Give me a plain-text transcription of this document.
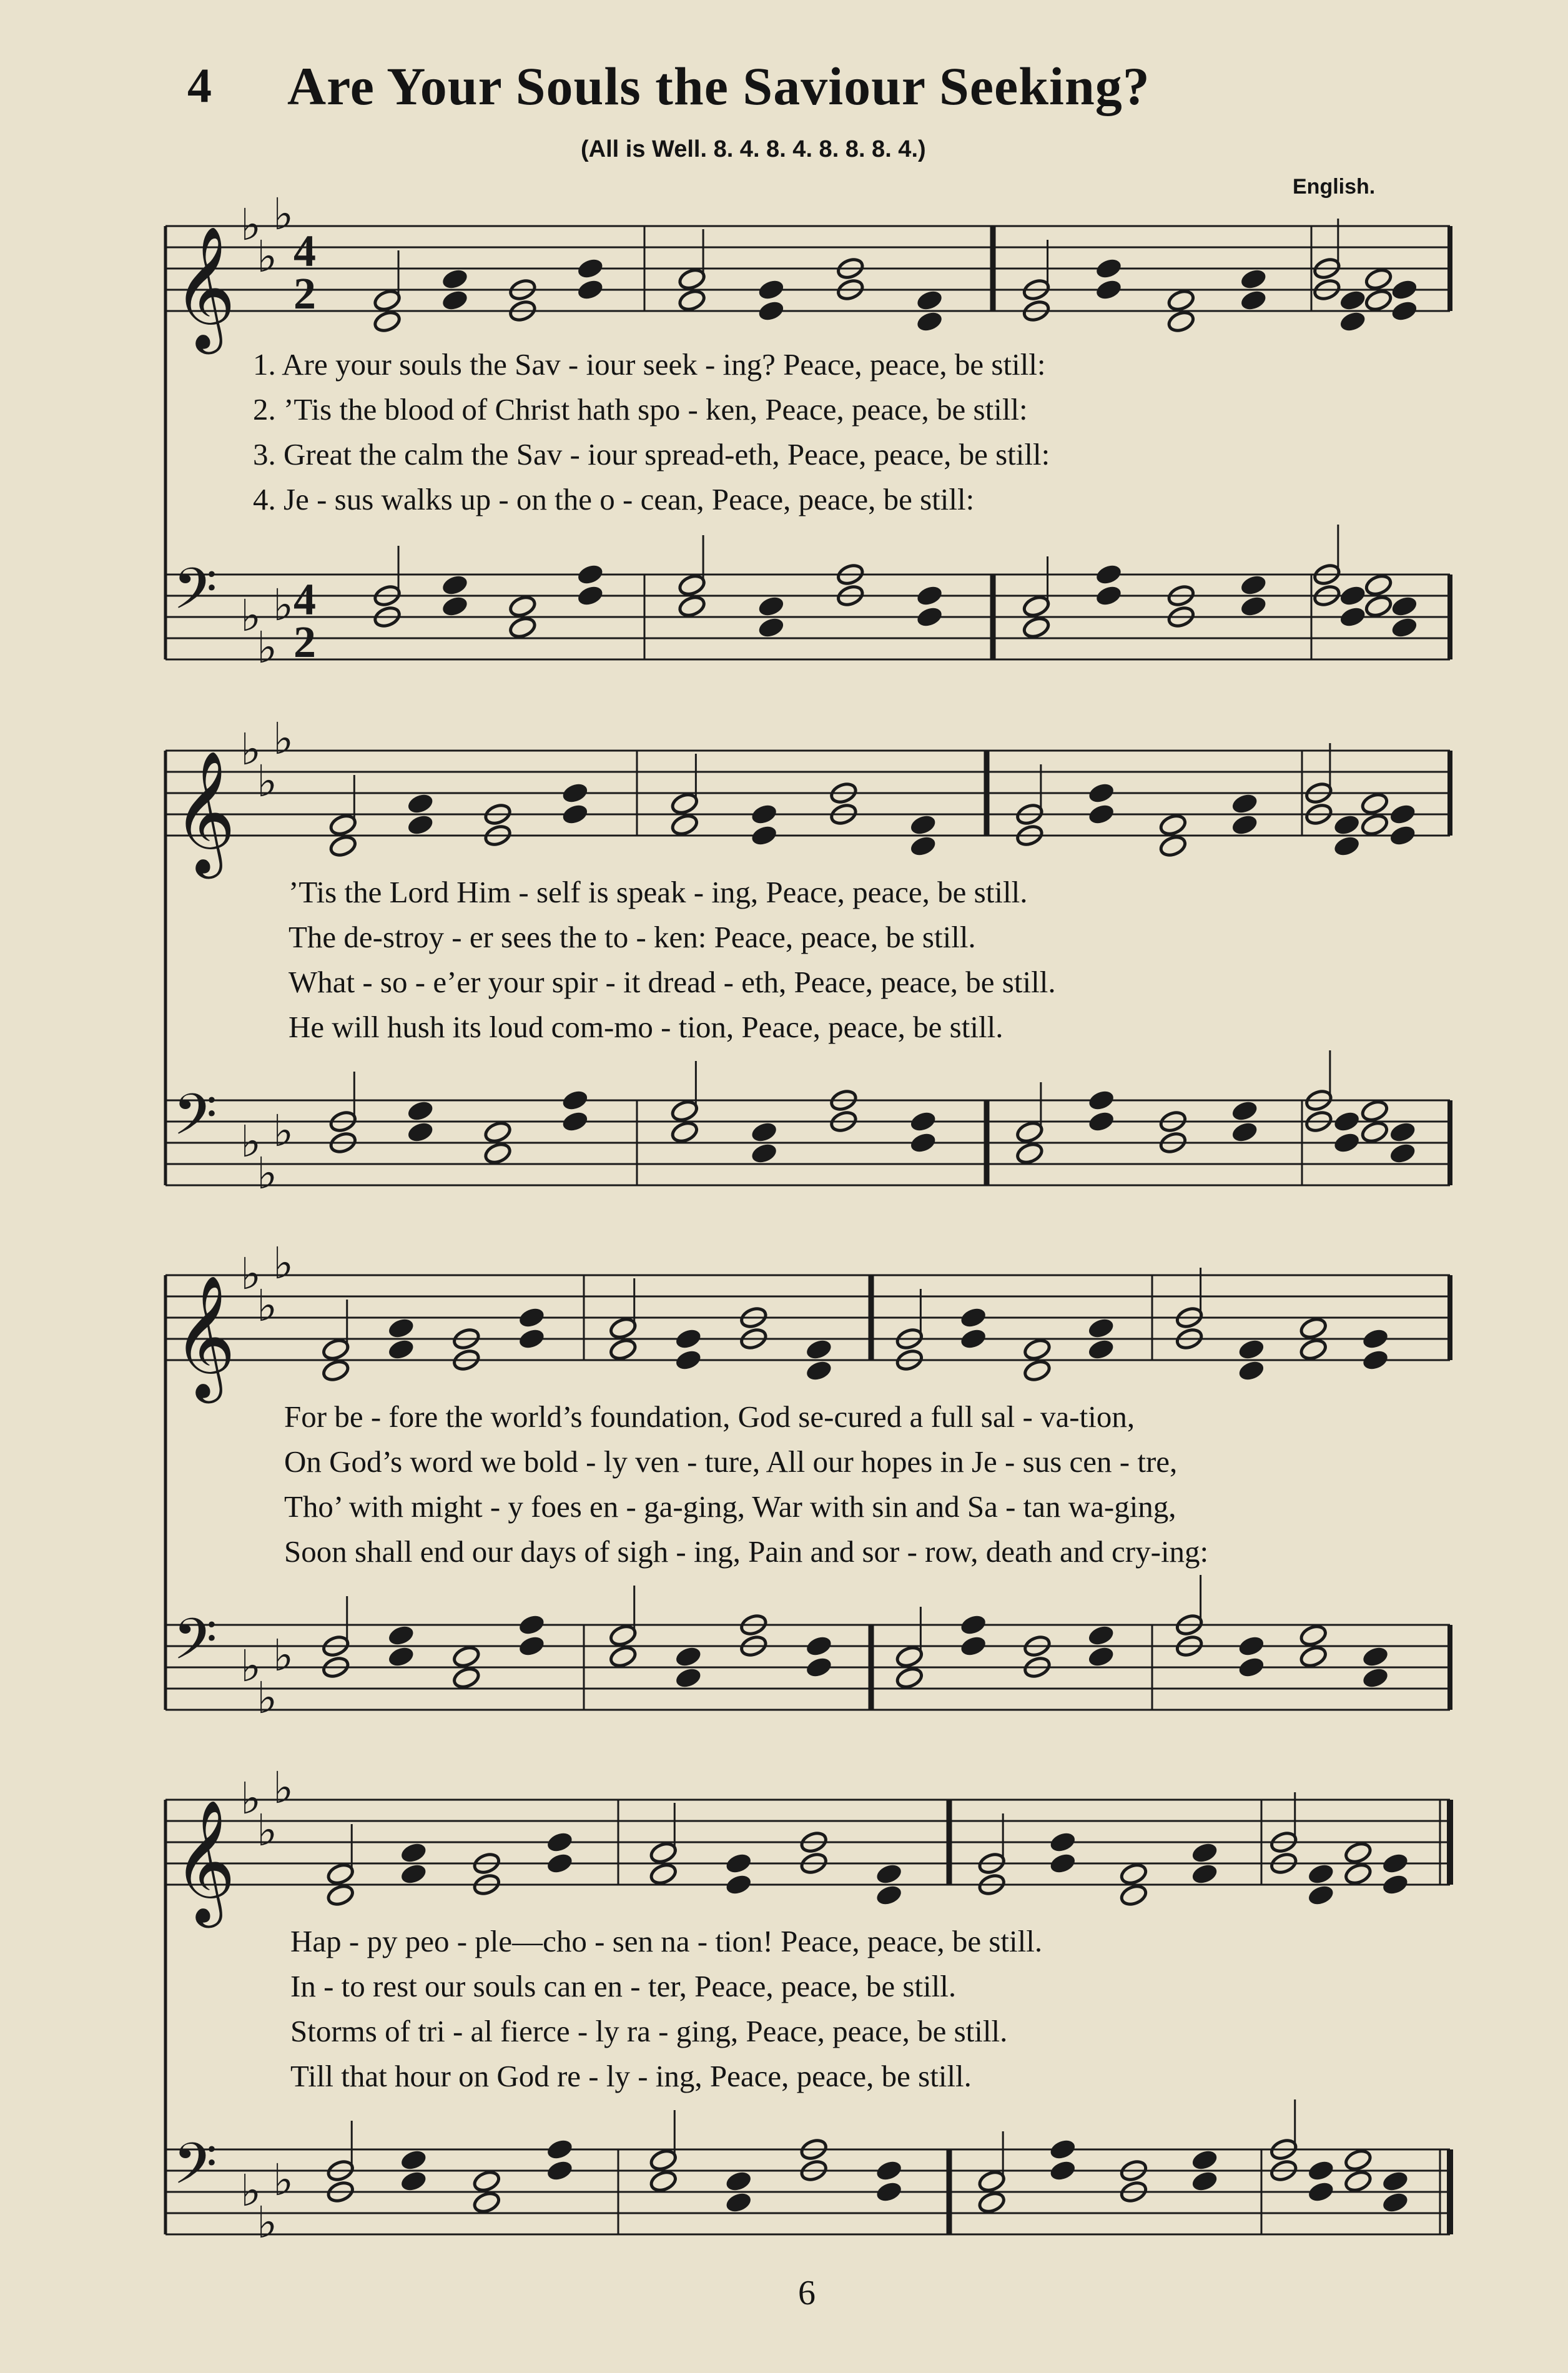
4 Are Your Souls the Saviour Seeking?
(All is Well. 8. 4. 8. 4. 8. 8. 8. 4.)
English.
𝄞
♭
♭
♭
4
2
𝄢 ♭
♭
♭ 4
2
𝄞
♭
♭
♭
𝄢 ♭
♭
♭
𝄞
♭
♭
♭
𝄢 ♭
♭
♭
𝄞
♭
♭
♭
𝄢 ♭
♭
♭
1. Are your souls the Sav - iour seek - ing? Peace, peace, be still:
2. ’Tis the blood of Christ hath spo - ken, Peace, peace, be still:
3. Great the calm the Sav - iour spread-eth, Peace, peace, be still:
4. Je - sus walks up - on the o - cean, Peace, peace, be still:
’Tis the Lord Him - self is speak - ing, Peace, peace, be still.
The de-stroy - er sees the to - ken: Peace, peace, be still.
What - so - e’er your spir - it dread - eth, Peace, peace, be still.
He will hush its loud com-mo - tion, Peace, peace, be still.
For be - fore the world’s foundation, God se-cured a full sal - va-tion,
On God’s word we bold - ly ven - ture, All our hopes in Je - sus cen - tre,
Tho’ with might - y foes en - ga-ging, War with sin and Sa - tan wa-ging,
Soon shall end our days of sigh - ing, Pain and sor - row, death and cry-ing:
Hap - py peo - ple—cho - sen na - tion! Peace, peace, be still.
In - to rest our souls can en - ter, Peace, peace, be still.
Storms of tri - al fierce - ly ra - ging, Peace, peace, be still.
Till that hour on God re - ly - ing, Peace, peace, be still.
6
